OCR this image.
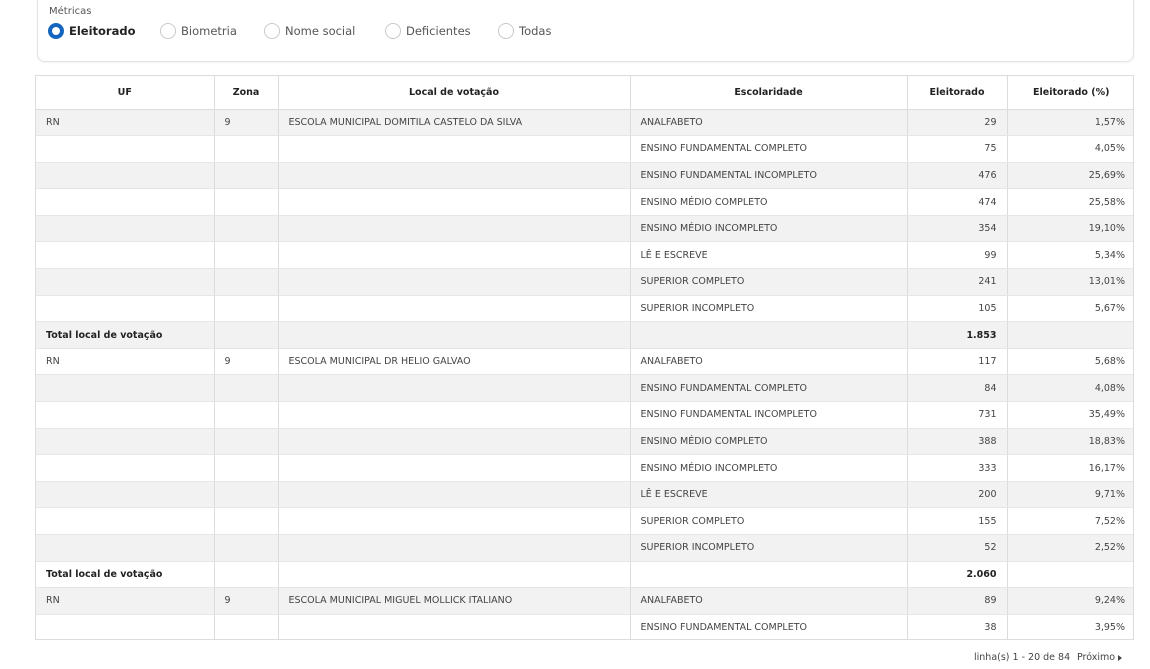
Métricas
Eleitorado	Biometria	Nome social	Deficientes	Todas
UF	Zona	Local de votação	Escolaridade	Eleitorado	Eleitorado (%)
RN	9	ESCOLA MUNICIPAL DOMITILA CASTELO DA SILVA	ANALFABETO	29	1,57%
			ENSINO FUNDAMENTAL COMPLETO	75	4,05%
			ENSINO FUNDAMENTAL INCOMPLETO	476	25,69%
			ENSINO MÉDIO COMPLETO	474	25,58%
			ENSINO MÉDIO INCOMPLETO	354	19,10%
			LÊ E ESCREVE	99	5,34%
			SUPERIOR COMPLETO	241	13,01%
			SUPERIOR INCOMPLETO	105	5,67%
Total local de votação				1.853	
RN	9	ESCOLA MUNICIPAL DR HELIO GALVAO	ANALFABETO	117	5,68%
			ENSINO FUNDAMENTAL COMPLETO	84	4,08%
			ENSINO FUNDAMENTAL INCOMPLETO	731	35,49%
			ENSINO MÉDIO COMPLETO	388	18,83%
			ENSINO MÉDIO INCOMPLETO	333	16,17%
			LÊ E ESCREVE	200	9,71%
			SUPERIOR COMPLETO	155	7,52%
			SUPERIOR INCOMPLETO	52	2,52%
Total local de votação				2.060	
RN	9	ESCOLA MUNICIPAL MIGUEL MOLLICK ITALIANO	ANALFABETO	89	9,24%
			ENSINO FUNDAMENTAL COMPLETO	38	3,95%
linha(s) 1 - 20 de 84 Próximo
